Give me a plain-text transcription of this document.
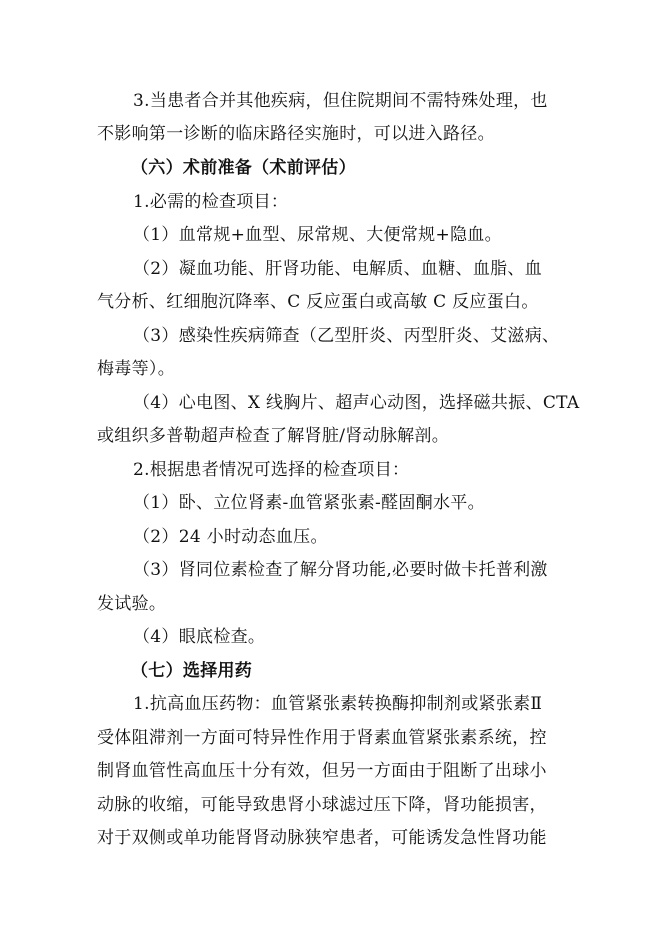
3.当患者合并其他疾病，但住院期间不需特殊处理，也
不影响第一诊断的临床路径实施时，可以进入路径。
（六）术前准备（术前评估）
1.必需的检查项目：
（1）血常规+血型、尿常规、大便常规+隐血。
（2）凝血功能、肝肾功能、电解质、血糖、血脂、血
气分析、红细胞沉降率、C 反应蛋白或高敏 C 反应蛋白。
（3）感染性疾病筛查（乙型肝炎、丙型肝炎、艾滋病、
梅毒等）。
（4）心电图、X 线胸片、超声心动图，选择磁共振、CTA
或组织多普勒超声检查了解肾脏/肾动脉解剖。
2.根据患者情况可选择的检查项目：
（1）卧、立位肾素-血管紧张素-醛固酮水平。
（2）24 小时动态血压。
（3）肾同位素检查了解分肾功能,必要时做卡托普利激
发试验。
（4）眼底检查。
（七）选择用药
1.抗高血压药物：血管紧张素转换酶抑制剂或紧张素Ⅱ
受体阻滞剂一方面可特异性作用于肾素血管紧张素系统，控
制肾血管性高血压十分有效，但另一方面由于阻断了出球小
动脉的收缩，可能导致患肾小球滤过压下降，肾功能损害，
对于双侧或单功能肾肾动脉狭窄患者，可能诱发急性肾功能
